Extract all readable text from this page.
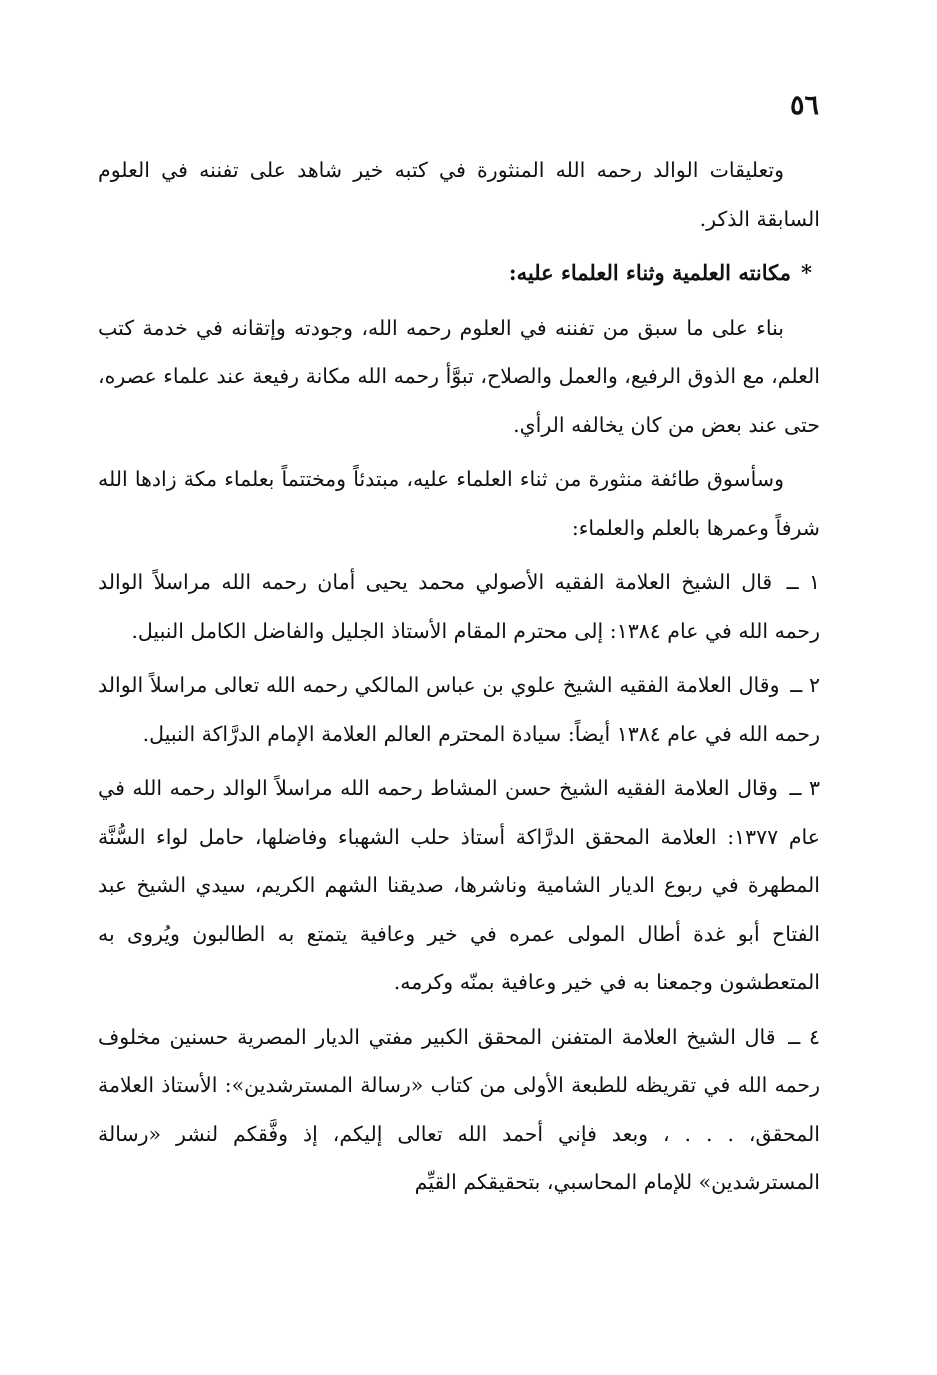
٥٦

وتعليقات الوالد رحمه الله المنثورة في كتبه خير شاهد على تفننه في العلوم السابقة الذكر.

*مكانته العلمية وثناء العلماء عليه:

بناء على ما سبق من تفننه في العلوم رحمه الله، وجودته وإتقانه في خدمة كتب العلم، مع الذوق الرفيع، والعمل والصلاح، تبوَّأ رحمه الله مكانة رفيعة عند علماء عصره، حتى عند بعض من كان يخالفه الرأي.

وسأسوق طائفة منثورة من ثناء العلماء عليه، مبتدئاً ومختتماً بعلماء مكة زادها الله شرفاً وعمرها بالعلم والعلماء:

١ ــ قال الشيخ العلامة الفقيه الأصولي محمد يحيى أمان رحمه الله مراسلاً الوالد رحمه الله في عام ١٣٨٤: إلى محترم المقام الأستاذ الجليل والفاضل الكامل النبيل.

٢ ــ وقال العلامة الفقيه الشيخ علوي بن عباس المالكي رحمه الله تعالى مراسلاً الوالد رحمه الله في عام ١٣٨٤ أيضاً: سيادة المحترم العالم العلامة الإمام الدرَّاكة النبيل.

٣ ــ وقال العلامة الفقيه الشيخ حسن المشاط رحمه الله مراسلاً الوالد رحمه الله في عام ١٣٧٧: العلامة المحقق الدرَّاكة أستاذ حلب الشهباء وفاضلها، حامل لواء السُّنَّة المطهرة في ربوع الديار الشامية وناشرها، صديقنا الشهم الكريم، سيدي الشيخ عبد الفتاح أبو غدة أطال المولى عمره في خير وعافية يتمتع به الطالبون ويُروى به المتعطشون وجمعنا به في خير وعافية بمنّه وكرمه.

٤ ــ قال الشيخ العلامة المتفنن المحقق الكبير مفتي الديار المصرية حسنين مخلوف رحمه الله في تقريظه للطبعة الأولى من كتاب «رسالة المسترشدين»: الأستاذ العلامة المحقق، . . . ، وبعد فإني أحمد الله تعالى إليكم، إذ وفَّقكم لنشر «رسالة المسترشدين» للإمام المحاسبي، بتحقيقكم القيِّم
